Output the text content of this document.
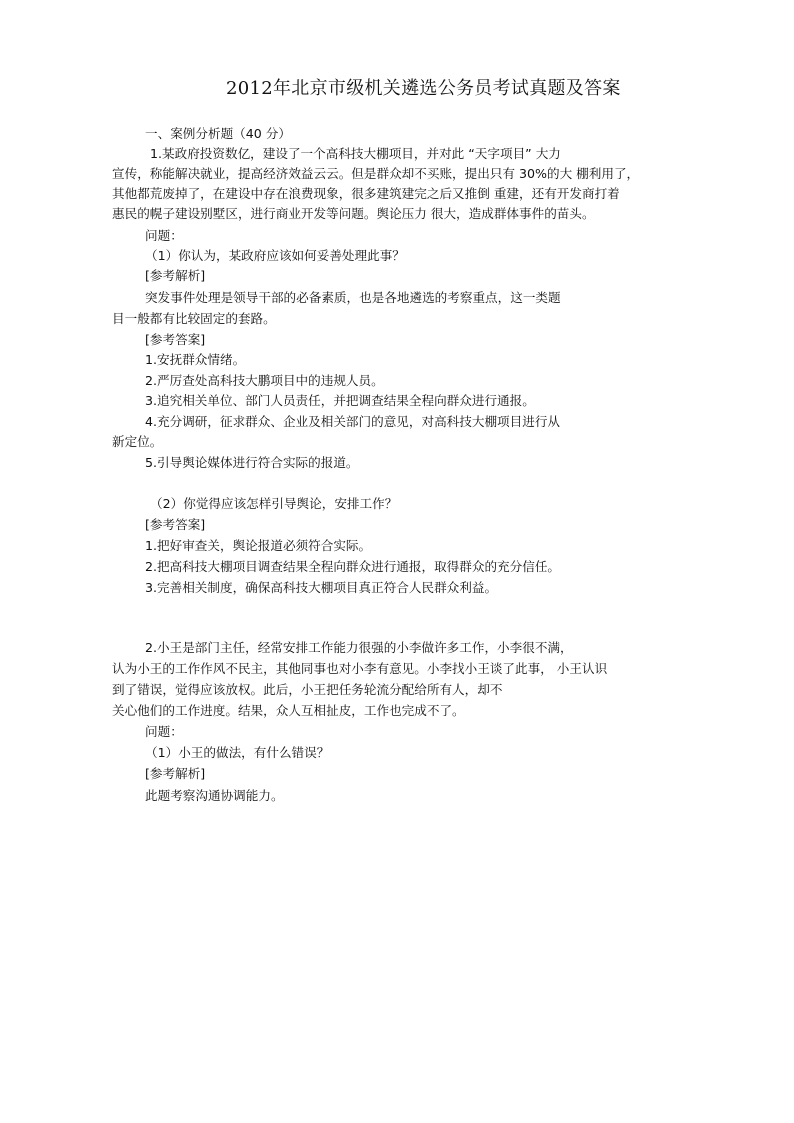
2012年北京市级机关遴选公务员考试真题及答案
一、案例分析题（40 分）
1.某政府投资数亿，建设了一个高科技大棚项目，并对此 “天字项目” 大力
宣传，称能解决就业，提高经济效益云云。但是群众却不买账，提出只有 30%的大 棚利用了，
其他都荒废掉了，在建设中存在浪费现象，很多建筑建完之后又推倒 重建，还有开发商打着
惠民的幌子建设别墅区，进行商业开发等问题。舆论压力 很大，造成群体事件的苗头。
问题：
（1）你认为，某政府应该如何妥善处理此事？
[参考解析]
突发事件处理是领导干部的必备素质，也是各地遴选的考察重点，这一类题
目一般都有比较固定的套路。
[参考答案]
1.安抚群众情绪。
2.严厉查处高科技大鹏项目中的违规人员。
3.追究相关单位、部门人员责任，并把调查结果全程向群众进行通报。
4.充分调研，征求群众、企业及相关部门的意见，对高科技大棚项目进行从
新定位。
5.引导舆论媒体进行符合实际的报道。
（2）你觉得应该怎样引导舆论，安排工作？
[参考答案]
1.把好审查关，舆论报道必须符合实际。
2.把高科技大棚项目调查结果全程向群众进行通报，取得群众的充分信任。
3.完善相关制度，确保高科技大棚项目真正符合人民群众利益。
2.小王是部门主任，经常安排工作能力很强的小李做许多工作，小李很不满，
认为小王的工作作风不民主，其他同事也对小李有意见。小李找小王谈了此事， 小王认识
到了错误，觉得应该放权。此后，小王把任务轮流分配给所有人，却不
关心他们的工作进度。结果，众人互相扯皮，工作也完成不了。
问题：
（1）小王的做法，有什么错误？
[参考解析]
此题考察沟通协调能力。
